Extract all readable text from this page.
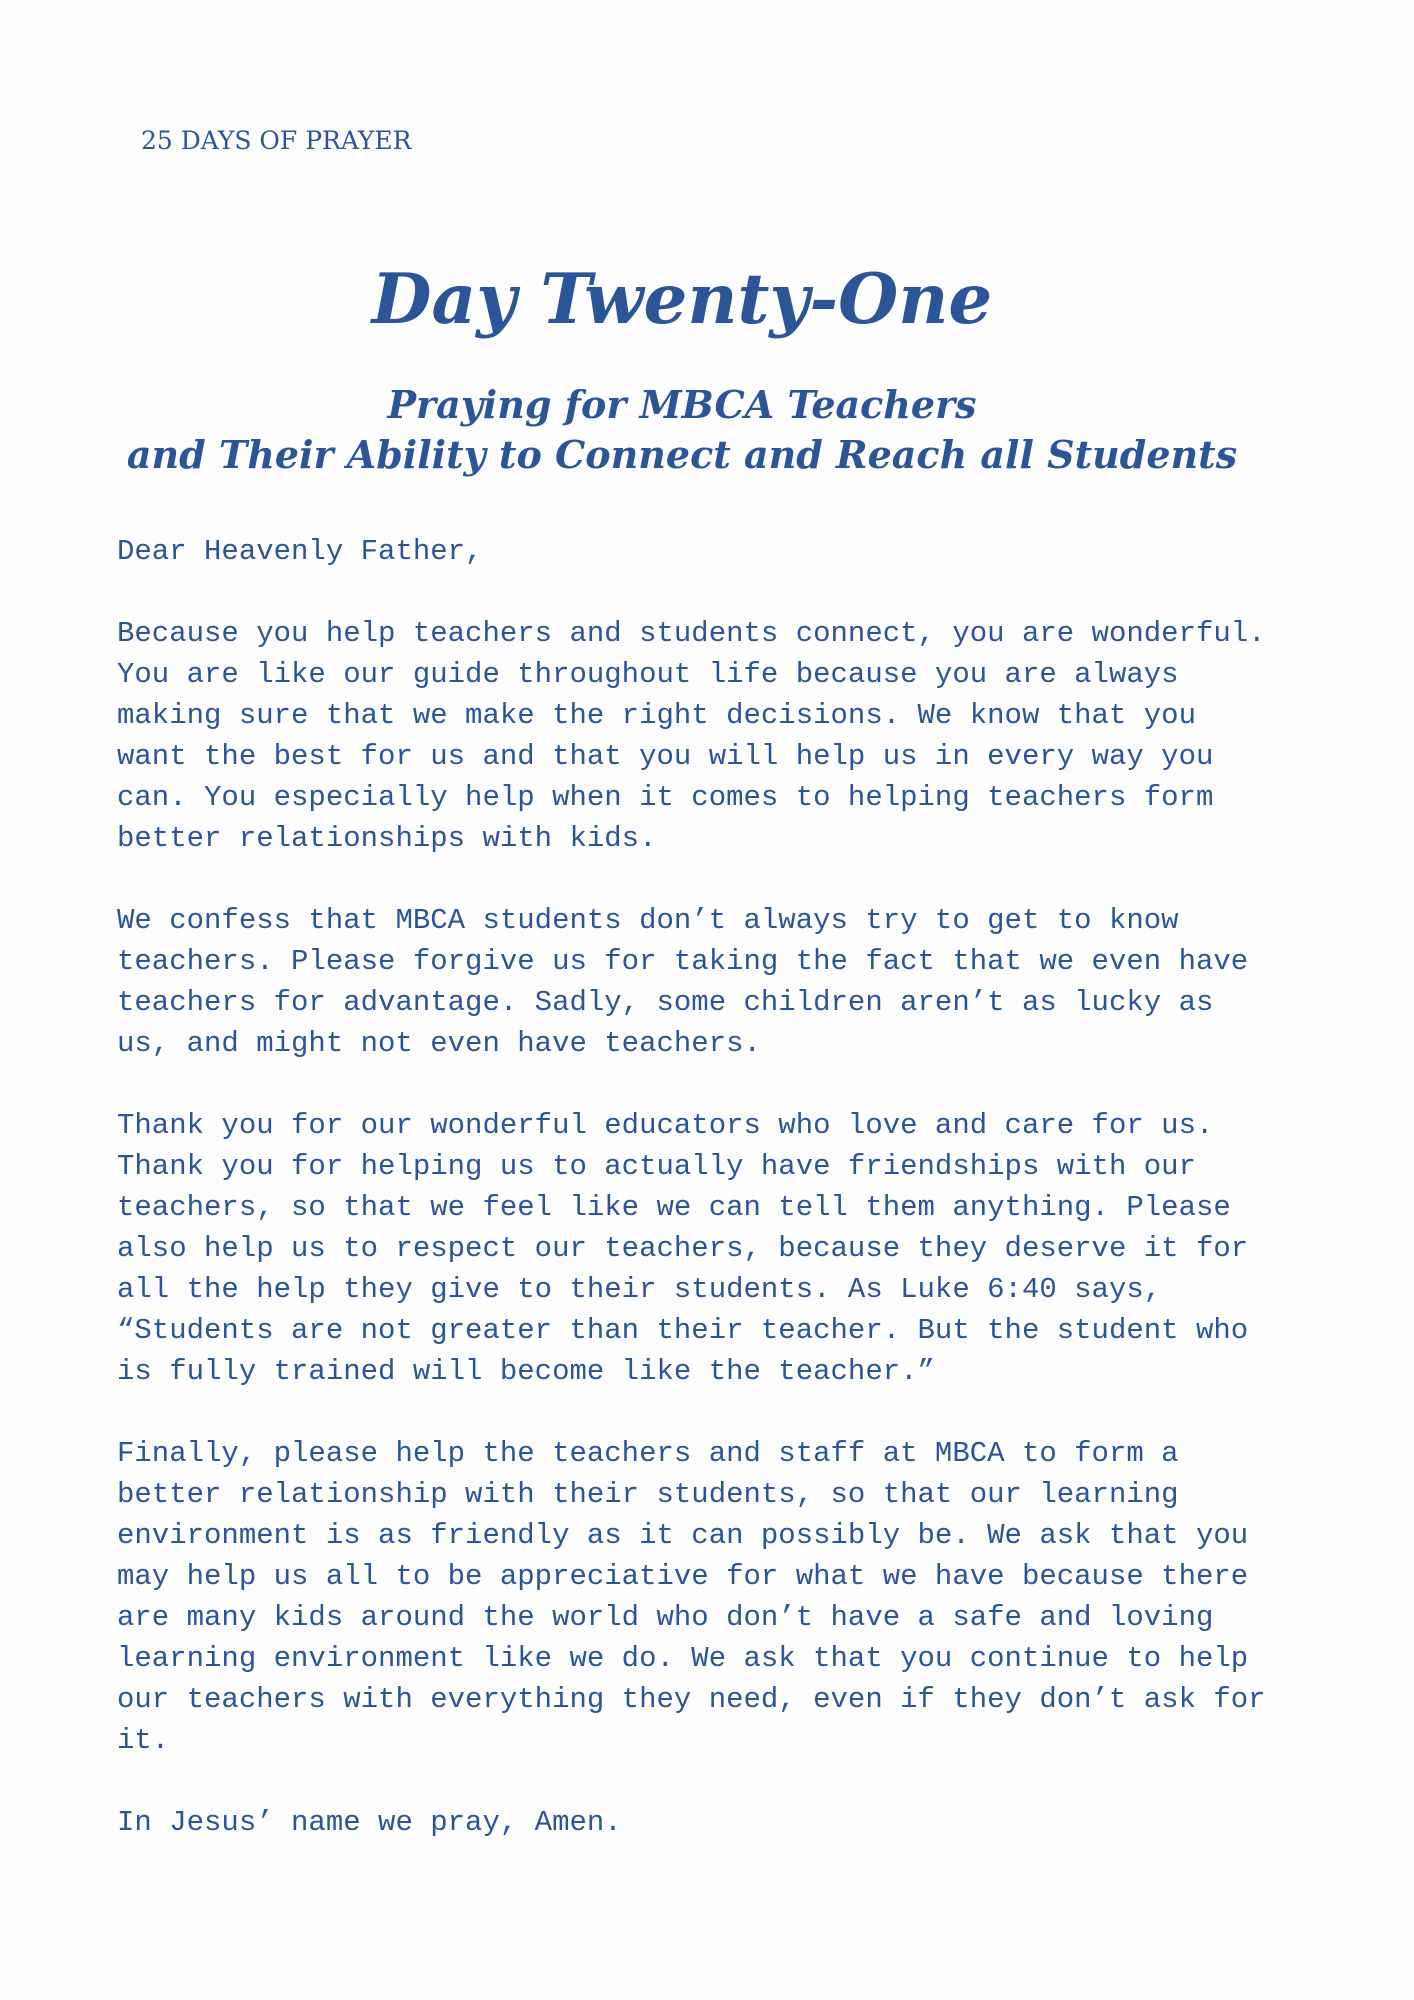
25 DAYS OF PRAYER

Day Twenty-One
Praying for MBCA Teachers
and Their Ability to Connect and Reach all Students

Dear Heavenly Father,

Because you help teachers and students connect, you are wonderful.
You are like our guide throughout life because you are always
making sure that we make the right decisions. We know that you
want the best for us and that you will help us in every way you
can. You especially help when it comes to helping teachers form
better relationships with kids.

We confess that MBCA students don’t always try to get to know
teachers. Please forgive us for taking the fact that we even have
teachers for advantage. Sadly, some children aren’t as lucky as
us, and might not even have teachers.

Thank you for our wonderful educators who love and care for us.
Thank you for helping us to actually have friendships with our
teachers, so that we feel like we can tell them anything. Please
also help us to respect our teachers, because they deserve it for
all the help they give to their students. As Luke 6:40 says,
“Students are not greater than their teacher. But the student who
is fully trained will become like the teacher.”

Finally, please help the teachers and staff at MBCA to form a
better relationship with their students, so that our learning
environment is as friendly as it can possibly be. We ask that you
may help us all to be appreciative for what we have because there
are many kids around the world who don’t have a safe and loving
learning environment like we do. We ask that you continue to help
our teachers with everything they need, even if they don’t ask for
it.

In Jesus’ name we pray, Amen.
